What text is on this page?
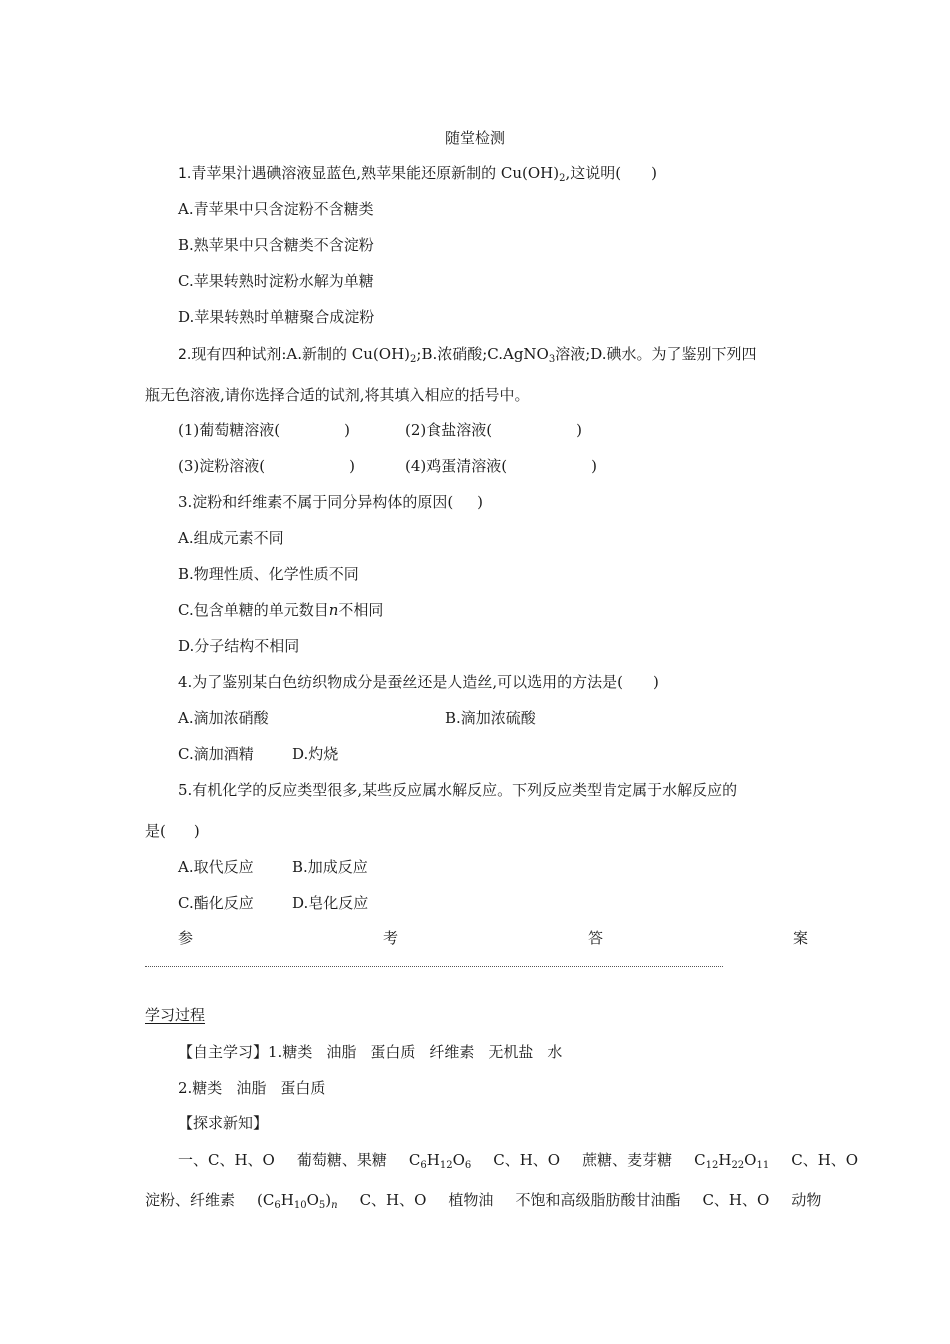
随堂检测
1.青苹果汁遇碘溶液显蓝色,熟苹果能还原新制的 $Cu(OH)_2$,这说明( )
A.青苹果中只含淀粉不含糖类
B.熟苹果中只含糖类不含淀粉
C.苹果转熟时淀粉水解为单糖
D.苹果转熟时单糖聚合成淀粉
2.现有四种试剂:A.新制的 $Cu(OH)_2;B$.浓硝酸;C.AgNO$_3$溶液;D.碘水。为了鉴别下列四
瓶无色溶液,请你选择合适的试剂,将其填入相应的括号中。
(1)葡萄糖溶液(	)	(2)食盐溶液(	)
(3)淀粉溶液(	)	(4)鸡蛋清溶液(	)
3.淀粉和纤维素不属于同分异构体的原因( )
A.组成元素不同
B.物理性质、化学性质不同
C.包含单糖的单元数目n不相同
D.分子结构不相同
4.为了鉴别某白色纺织物成分是蚕丝还是人造丝,可以选用的方法是( )
A.滴加浓硝酸	B.滴加浓硫酸
C.滴加酒精	D.灼烧
5.有机化学的反应类型很多,某些反应属水解反应。下列反应类型肯定属于水解反应的
是( )
A.取代反应	B.加成反应
C.酯化反应	D.皂化反应
参	考	答	案
学习过程
【自主学习】1.糖类 油脂 蛋白质 纤维素 无机盐 水
2.糖类 油脂 蛋白质
【探求新知】
一、C、H、O 葡萄糖、果糖 $C_6H_{12}O_6$ C、H、O 蔗糖、麦芽糖 $C_{12}H_{22}O_{11}$ C、H、O
淀粉、纤维素 $(C_6H_{10}O_5)_n$ C、H、O 植物油 不饱和高级脂肪酸甘油酯 C、H、O 动物
